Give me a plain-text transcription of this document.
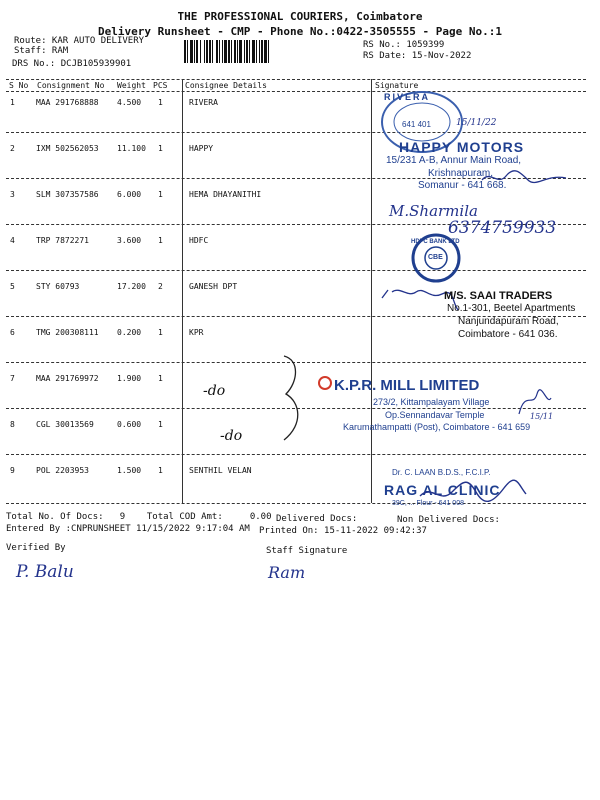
THE PROFESSIONAL COURIERS, Coimbatore
Delivery Runsheet - CMP - Phone No.:0422-3505555 - Page No.:1
Route: KAR AUTO DELIVERY
Staff: RAM
DRS No.: DCJB105939901
RS No.: 1059399
RS Date: 15-Nov-2022
S No Consignment No Weight PCS Consignee Details	Signature
1	MAA 291768888 4.500 1	RIVERA
2	IXM 502562053 11.100 1	HAPPY
3	SLM 307357586 6.000 1	HEMA DHAYANITHI
4	TRP 7872271	3.600 1	HDFC
5	STY 60793	17.200 2	GANESH DPT
6	TMG 200308111 0.200 1	KPR
7	MAA 291769972 1.900 1
8	CGL 30013569	0.600 1
9	POL 2203953	1.500 1	SENTHIL VELAN
RIVERA
641 401	15/11/22
HAPPY MOTORS
15/231 A-B, Annur Main Road,
Krishnapuram,
Somanur - 641 668.
M.Sharmila
6374759933
HDFC BANK LTD
CBE
M/S. SAAI TRADERS
No.1-301, Beetel Apartments
Nanjundapuram Road,
Coimbatore - 641 036.
-do
-do
K.P.R. MILL LIMITED
273/2, Kittampalayam Village
Op.Sennandavar Temple
Karumathampatti (Post), Coimbatore - 641 659
15/11
Dr. C. LAAN B.D.S., F.C.I.P.
RAG AL CLINIC
39C, ... Flour - 641 008
Total No. Of Docs:   9    Total COD Amt:     0.00 Delivered Docs:	Non Delivered Docs:
Entered By :CNPRUNSHEET 11/15/2022 9:17:04 AM Printed On: 15-11-2022 09:42:37
Verified By	Staff Signature
P. Balu	Ram
